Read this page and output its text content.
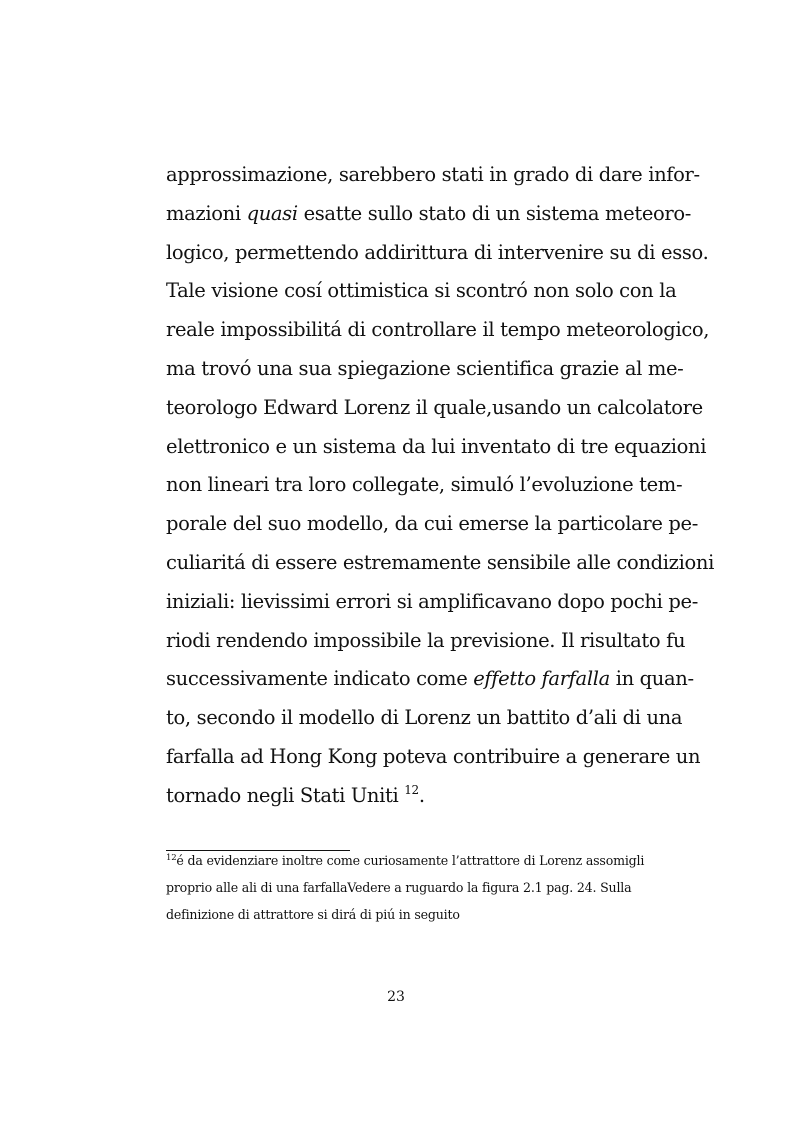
approssimazione, sarebbero stati in grado di dare infor-
mazioni quasi esatte sullo stato di un sistema meteoro-
logico, permettendo addirittura di intervenire su di esso.
Tale visione cosí ottimistica si scontró non solo con la
reale impossibilitá di controllare il tempo meteorologico,
ma trovó una sua spiegazione scientifica grazie al me-
teorologo Edward Lorenz il quale,usando un calcolatore
elettronico e un sistema da lui inventato di tre equazioni
non lineari tra loro collegate, simuló l’evoluzione tem-
porale del suo modello, da cui emerse la particolare pe-
culiaritá di essere estremamente sensibile alle condizioni
iniziali: lievissimi errori si amplificavano dopo pochi pe-
riodi rendendo impossibile la previsione. Il risultato fu
successivamente indicato come effetto farfalla in quan-
to, secondo il modello di Lorenz un battito d’ali di una
farfalla ad Hong Kong poteva contribuire a generare un
tornado negli Stati Uniti $^{12}$.
$^{12}$é da evidenziare inoltre come curiosamente l’attrattore di Lorenz assomigli
proprio alle ali di una farfallaVedere a ruguardo la figura 2.1 pag. 24. Sulla
definizione di attrattore si dirá di piú in seguito
23
